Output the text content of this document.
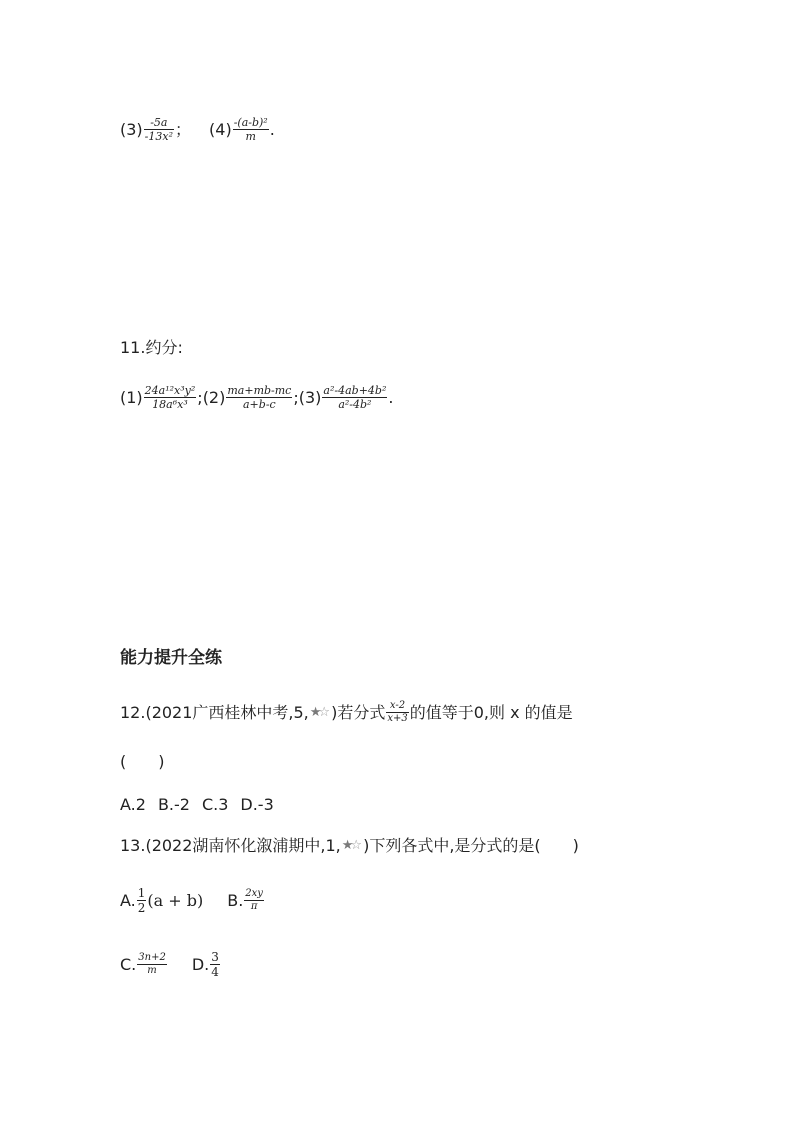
$(3) \frac{-5a}{\text{-13x²}}$ ； $(4) \frac{\text{-(a-b)²}}{m}$ .
11.约分:
$(1) \frac{\text{24a¹²x³y²}}{\text{18a⁶x³}}$ ; $(2) \frac{ma+mb-mc}{a+b-c}$ ; $(3) \frac{\text{a²-4ab+4b²}}{\text{a²-4b²}}$ .
能力提升全练
12.(2021广西桂林中考,5, ★
☆ )若分式 $\frac{x-2}{x+3}$ 的值等于0,则 x 的值是
(　　)
A.2 B.-2 C.3 D.-3
13.(2022湖南怀化溆浦期中,1, ★
☆ )下列各式中,是分式的是(　　)
A. $\frac{1}{2} (a + b)$ B. $\frac{2xy}{\pi}$
C. $\frac{3n+2}{m} D$. $\frac{3}{4}$
